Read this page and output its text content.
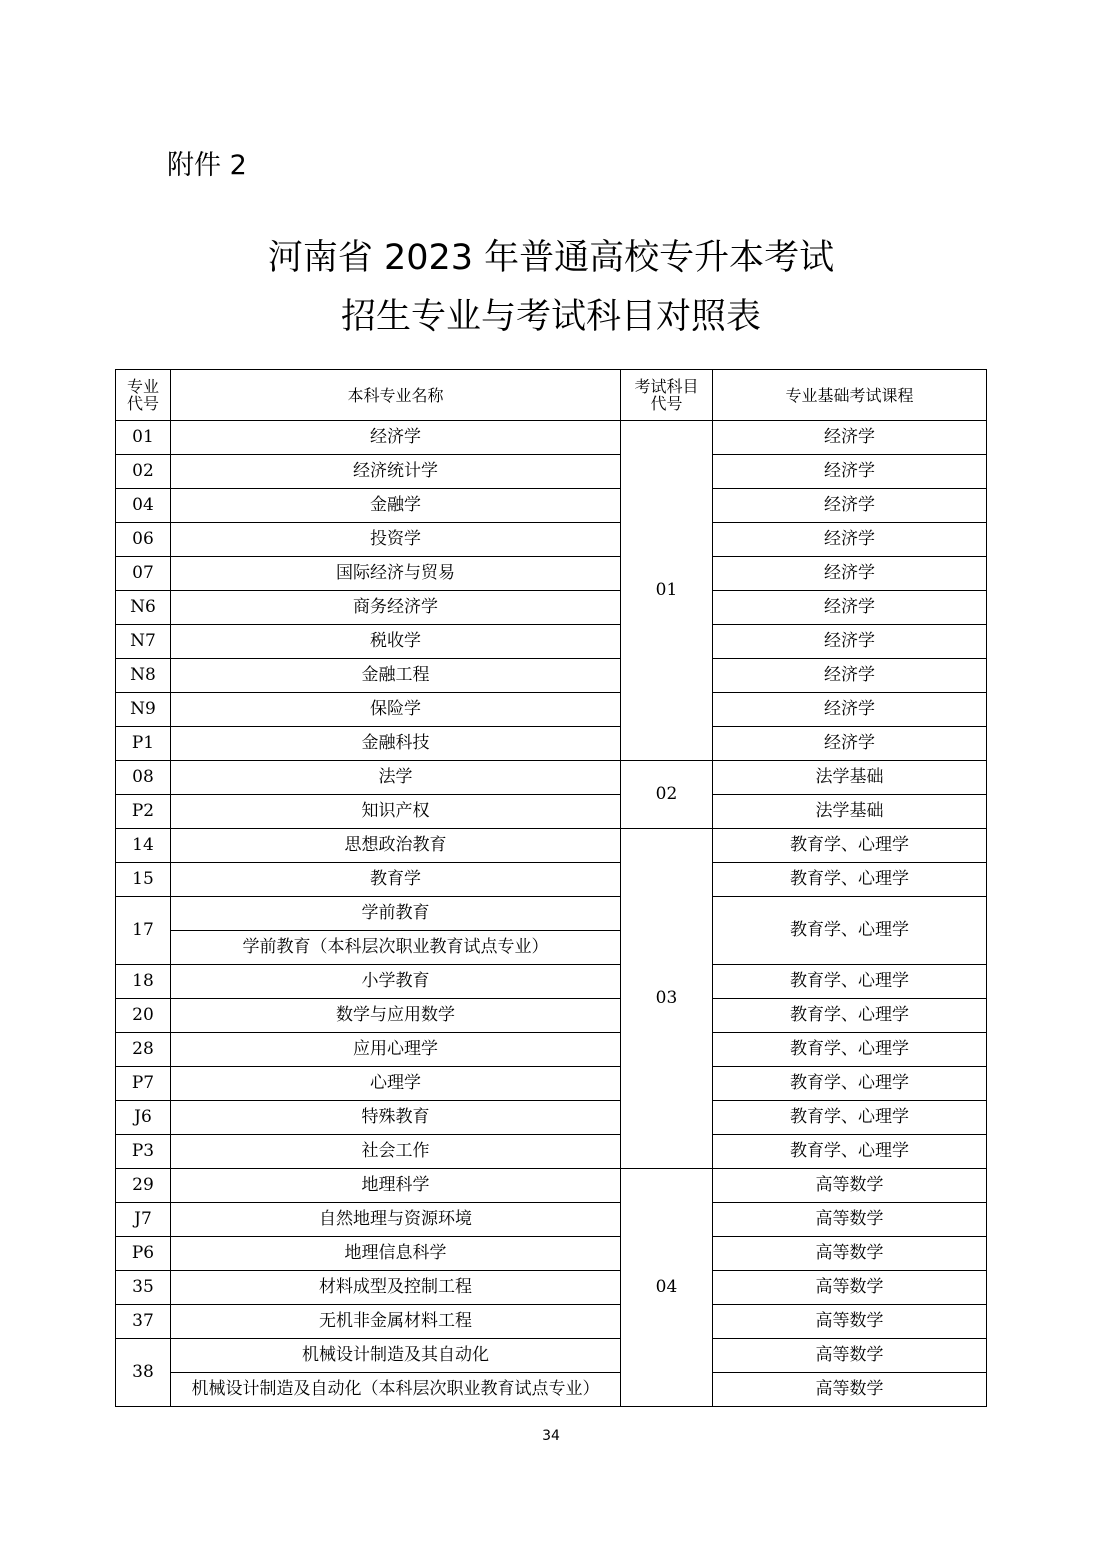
附件 2
河南省 2023 年普通高校专升本考试
招生专业与考试科目对照表
专业代号	本科专业名称	考试科目代号	专业基础考试课程
01	经济学	01	经济学
02	经济统计学		经济学
04	金融学		经济学
06	投资学		经济学
07	国际经济与贸易		经济学
N6	商务经济学		经济学
N7	税收学		经济学
N8	金融工程		经济学
N9	保险学		经济学
P1	金融科技		经济学
08	法学	02	法学基础
P2	知识产权		法学基础
14	思想政治教育	03	教育学、心理学
15	教育学		教育学、心理学
17	学前教育		教育学、心理学
	学前教育（本科层次职业教育试点专业）		
18	小学教育		教育学、心理学
20	数学与应用数学		教育学、心理学
28	应用心理学		教育学、心理学
P7	心理学		教育学、心理学
J6	特殊教育		教育学、心理学
P3	社会工作		教育学、心理学
29	地理科学	04	高等数学
J7	自然地理与资源环境		高等数学
P6	地理信息科学		高等数学
35	材料成型及控制工程		高等数学
37	无机非金属材料工程		高等数学
38	机械设计制造及其自动化		高等数学
	机械设计制造及自动化（本科层次职业教育试点专业）		高等数学
34
